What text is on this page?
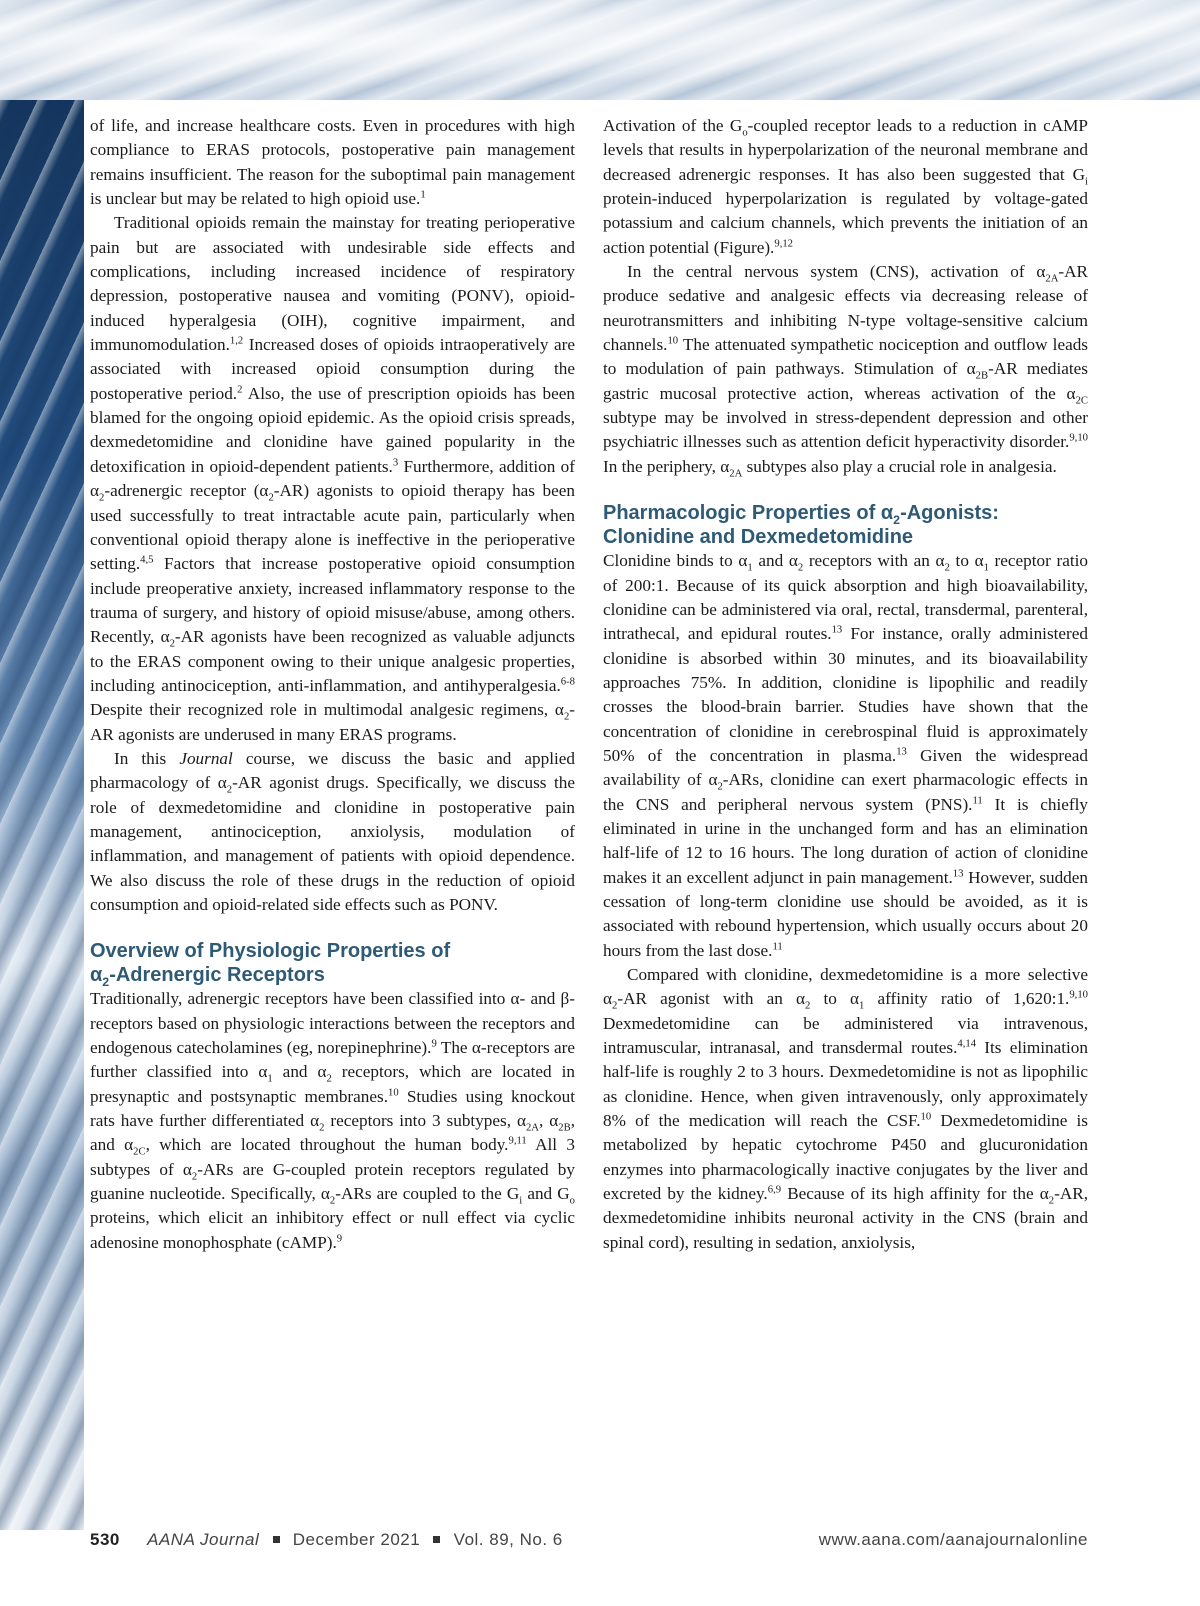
of life, and increase healthcare costs. Even in procedures with high compliance to ERAS protocols, postoperative pain management remains insufficient. The reason for the suboptimal pain management is unclear but may be related to high opioid use.$^1$

Traditional opioids remain the mainstay for treating perioperative pain but are associated with undesirable side effects and complications, including increased incidence of respiratory depression, postoperative nausea and vomiting (PONV), opioid-induced hyperalgesia (OIH), cognitive impairment, and immunomodulation.$^{1,2}$ Increased doses of opioids intraoperatively are associated with increased opioid consumption during the postoperative period.$^2$ Also, the use of prescription opioids has been blamed for the ongoing opioid epidemic. As the opioid crisis spreads, dexmedetomidine and clonidine have gained popularity in the detoxification in opioid-dependent patients.$^3$ Furthermore, addition of $\alpha_2$-adrenergic receptor $(\alpha_2-AR)$ agonists to opioid therapy has been used successfully to treat intractable acute pain, particularly when conventional opioid therapy alone is ineffective in the perioperative setting.$^{4,5}$ Factors that increase postoperative opioid consumption include preoperative anxiety, increased inflammatory response to the trauma of surgery, and history of opioid misuse/abuse, among others. Recently, $\alpha_2-AR$ agonists have been recognized as valuable adjuncts to the ERAS component owing to their unique analgesic properties, including antinociception, anti-inflammation, and antihyperalgesia.$^{6-8}$ Despite their recognized role in multimodal analgesic regimens, $\alpha_2-AR$ agonists are underused in many ERAS programs.

In this Journal course, we discuss the basic and applied pharmacology of $\alpha_2-AR$ agonist drugs. Specifically, we discuss the role of dexmedetomidine and clonidine in postoperative pain management, antinociception, anxiolysis, modulation of inflammation, and management of patients with opioid dependence. We also discuss the role of these drugs in the reduction of opioid consumption and opioid-related side effects such as PONV.

Overview of Physiologic Properties of
$\alpha_2$-Adrenergic Receptors

Traditionally, adrenergic receptors have been classified into α- and β-receptors based on physiologic interactions between the receptors and endogenous catecholamines (eg, norepinephrine).$^9$ The α-receptors are further classified into $\alpha_1$ and $\alpha_2$ receptors, which are located in presynaptic and postsynaptic membranes.$^{10}$ Studies using knockout rats have further differentiated $\alpha_2$ receptors into 3 subtypes, $\alpha_{2A}$, $\alpha_{2B}$, and $\alpha_{2C}$, which are located throughout the human body.$^{9,11}$ All 3 subtypes of $\alpha_2$-ARs are G-coupled protein receptors regulated by guanine nucleotide. Specifically, $\alpha_2$-ARs are coupled to the $G_i$ and $G_o$ proteins, which elicit an inhibitory effect or null effect via cyclic adenosine monophosphate (cAMP).$^9$

Activation of the $G_o$-coupled receptor leads to a reduction in cAMP levels that results in hyperpolarization of the neuronal membrane and decreased adrenergic responses. It has also been suggested that $G_i$ protein-induced hyperpolarization is regulated by voltage-gated potassium and calcium channels, which prevents the initiation of an action potential (Figure).$^{9,12}$

In the central nervous system (CNS), activation of $\alpha_{2A}-AR$ produce sedative and analgesic effects via decreasing release of neurotransmitters and inhibiting N-type voltage-sensitive calcium channels.$^{10}$ The attenuated sympathetic nociception and outflow leads to modulation of pain pathways. Stimulation of $\alpha_{2B}-AR$ mediates gastric mucosal protective action, whereas activation of the $\alpha_{2C}$ subtype may be involved in stress-dependent depression and other psychiatric illnesses such as attention deficit hyperactivity disorder.$^{9,10}$ In the periphery, $\alpha_{2A}$ subtypes also play a crucial role in analgesia.

Pharmacologic Properties of $\alpha_2$-Agonists:
Clonidine and Dexmedetomidine

Clonidine binds to $\alpha_1$ and $\alpha_2$ receptors with an $\alpha_2$ to $\alpha_1$ receptor ratio of 200:1. Because of its quick absorption and high bioavailability, clonidine can be administered via oral, rectal, transdermal, parenteral, intrathecal, and epidural routes.$^{13}$ For instance, orally administered clonidine is absorbed within 30 minutes, and its bioavailability approaches 75%. In addition, clonidine is lipophilic and readily crosses the blood-brain barrier. Studies have shown that the concentration of clonidine in cerebrospinal fluid is approximately 50% of the concentration in plasma.$^{13}$ Given the widespread availability of $\alpha_2$-ARs, clonidine can exert pharmacologic effects in the CNS and peripheral nervous system (PNS).$^{11}$ It is chiefly eliminated in urine in the unchanged form and has an elimination half-life of 12 to 16 hours. The long duration of action of clonidine makes it an excellent adjunct in pain management.$^{13}$ However, sudden cessation of long-term clonidine use should be avoided, as it is associated with rebound hypertension, which usually occurs about 20 hours from the last dose.$^{11}$

Compared with clonidine, dexmedetomidine is a more selective $\alpha_2-AR$ agonist with an $\alpha_2$ to $\alpha_1$ affinity ratio of 1,620:1.$^{9,10}$ Dexmedetomidine can be administered via intravenous, intramuscular, intranasal, and transdermal routes.$^{4,14}$ Its elimination half-life is roughly 2 to 3 hours. Dexmedetomidine is not as lipophilic as clonidine. Hence, when given intravenously, only approximately 8% of the medication will reach the CSF.$^{10}$ Dexmedetomidine is metabolized by hepatic cytochrome P450 and glucuronidation enzymes into pharmacologically inactive conjugates by the liver and excreted by the kidney.$^{6,9}$ Because of its high affinity for the $\alpha_2-AR$, dexmedetomidine inhibits neuronal activity in the CNS (brain and spinal cord), resulting in sedation, anxiolysis,

530 AANA Journal December 2021 Vol. 89, No. 6	www.aana.com/aanajournalonline
